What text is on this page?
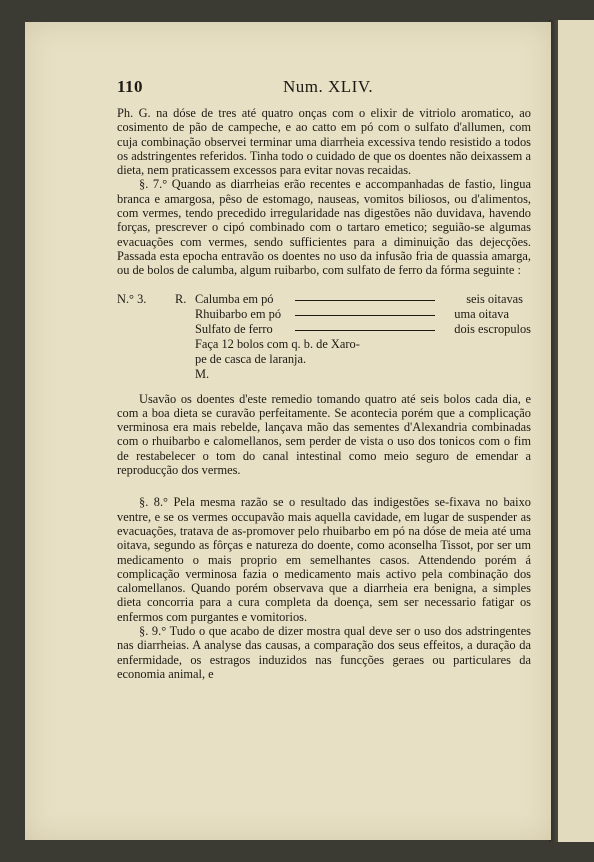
110	Num. XLIV.

Ph. G. na dóse de tres até quatro onças com o elixir de vitriolo aromatico, ao cosimento de pão de campeche, e ao catto em pó com o sulfato d'allumen, com cuja combinação observei terminar uma diarrheia excessiva tendo resistido a todos os adstringentes referidos. Tinha todo o cuidado de que os doentes não deixassem a dieta, nem praticassem excessos para evitar novas recaidas.

§. 7.° Quando as diarrheias erão recentes e accompanhadas de fastio, lingua branca e amargosa, pêso de estomago, nauseas, vomitos biliosos, ou d'alimentos, com vermes, tendo precedido irregularidade nas digestões não duvidava, havendo forças, prescrever o cipó combinado com o tartaro emetico; seguião-se algumas evacuações com vermes, sendo sufficientes para a diminuição das dejecções. Passada esta epocha entravão os doentes no uso da infusão fria de quassia amarga, ou de bolos de calumba, algum ruibarbo, com sulfato de ferro da fórma seguinte :

N.° 3. R. Calumba em pó	seis oitavas
Rhuibarbo em pó	uma oitava
Sulfato de ferro	dois escropulos
Faça 12 bolos com q. b. de Xaro-
pe de casca de laranja.
M.

Usavão os doentes d'este remedio tomando quatro até seis bolos cada dia, e com a boa dieta se curavão perfeitamente. Se acontecia porém que a complicação verminosa era mais rebelde, lançava mão das sementes d'Alexandria combinadas com o rhuibarbo e calomellanos, sem perder de vista o uso dos tonicos com o fim de restabelecer o tom do canal intestinal como meio seguro de emendar a reproducção dos vermes.

§. 8.° Pela mesma razão se o resultado das indigestões se-fixava no baixo ventre, e se os vermes occupavão mais aquella cavidade, em lugar de suspender as evacuações, tratava de as-promover pelo rhuibarbo em pó na dóse de meia até uma oitava, segundo as fôrças e natureza do doente, como aconselha Tissot, por ser um medicamento o mais proprio em semelhantes casos. Attendendo porém á complicação verminosa fazia o medicamento mais activo pela combinação dos calomellanos. Quando porém observava que a diarrheia era benigna, a simples dieta concorria para a cura completa da doença, sem ser necessario fatigar os enfermos com purgantes e vomitorios.

§. 9.° Tudo o que acabo de dizer mostra qual deve ser o uso dos adstringentes nas diarrheias. A analyse das causas, a comparação dos seus effeitos, a duração da enfermidade, os estragos induzidos nas funcções geraes ou particulares da economia animal, e
